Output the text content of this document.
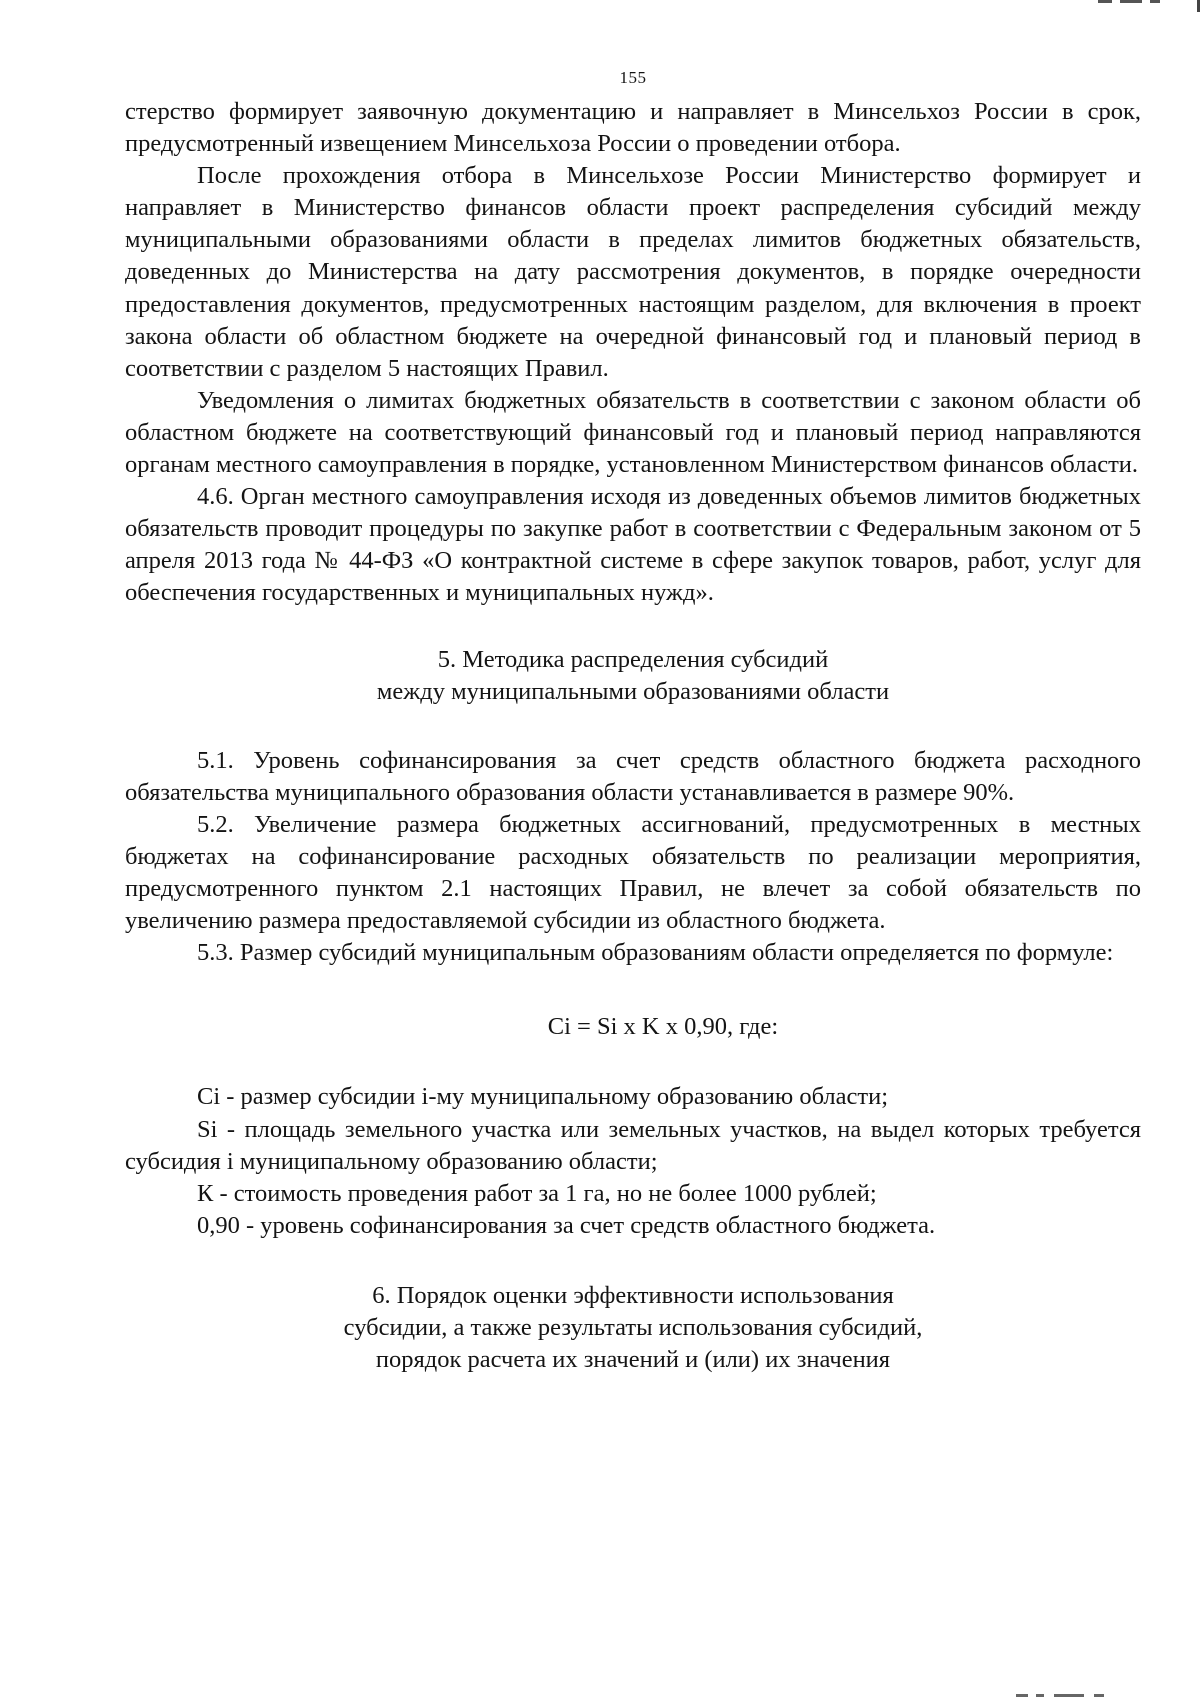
155

стерство формирует заявочную документацию и направляет в Минсельхоз России в срок, предусмотренный извещением Минсельхоза России о проведении отбора.

После прохождения отбора в Минсельхозе России Министерство формирует и направляет в Министерство финансов области проект распределения субсидий между муниципальными образованиями области в пределах лимитов бюджетных обязательств, доведенных до Министерства на дату рассмотрения документов, в порядке очередности предоставления документов, предусмотренных настоящим разделом, для включения в проект закона области об областном бюджете на очередной финансовый год и плановый период в соответствии с разделом 5 настоящих Правил.

Уведомления о лимитах бюджетных обязательств в соответствии с законом области об областном бюджете на соответствующий финансовый год и плановый период направляются органам местного самоуправления в порядке, установленном Министерством финансов области.

4.6. Орган местного самоуправления исходя из доведенных объемов лимитов бюджетных обязательств проводит процедуры по закупке работ в соответствии с Федеральным законом от 5 апреля 2013 года № 44-ФЗ «О контрактной системе в сфере закупок товаров, работ, услуг для обеспечения государственных и муниципальных нужд».

5. Методика распределения субсидий

между муниципальными образованиями области

5.1. Уровень софинансирования за счет средств областного бюджета расходного обязательства муниципального образования области устанавливается в размере 90%.

5.2. Увеличение размера бюджетных ассигнований, предусмотренных в местных бюджетах на софинансирование расходных обязательств по реализации мероприятия, предусмотренного пунктом 2.1 настоящих Правил, не влечет за собой обязательств по увеличению размера предоставляемой субсидии из областного бюджета.

5.3. Размер субсидий муниципальным образованиям области определяется по формуле:

Ci = Si x K x 0,90, где:

Ci - размер субсидии i-му муниципальному образованию области;

Si - площадь земельного участка или земельных участков, на выдел которых требуется субсидия i муниципальному образованию области;

К - стоимость проведения работ за 1 га, но не более 1000 рублей;

0,90 - уровень софинансирования за счет средств областного бюджета.

6. Порядок оценки эффективности использования

субсидии, а также результаты использования субсидий,

порядок расчета их значений и (или) их значения
